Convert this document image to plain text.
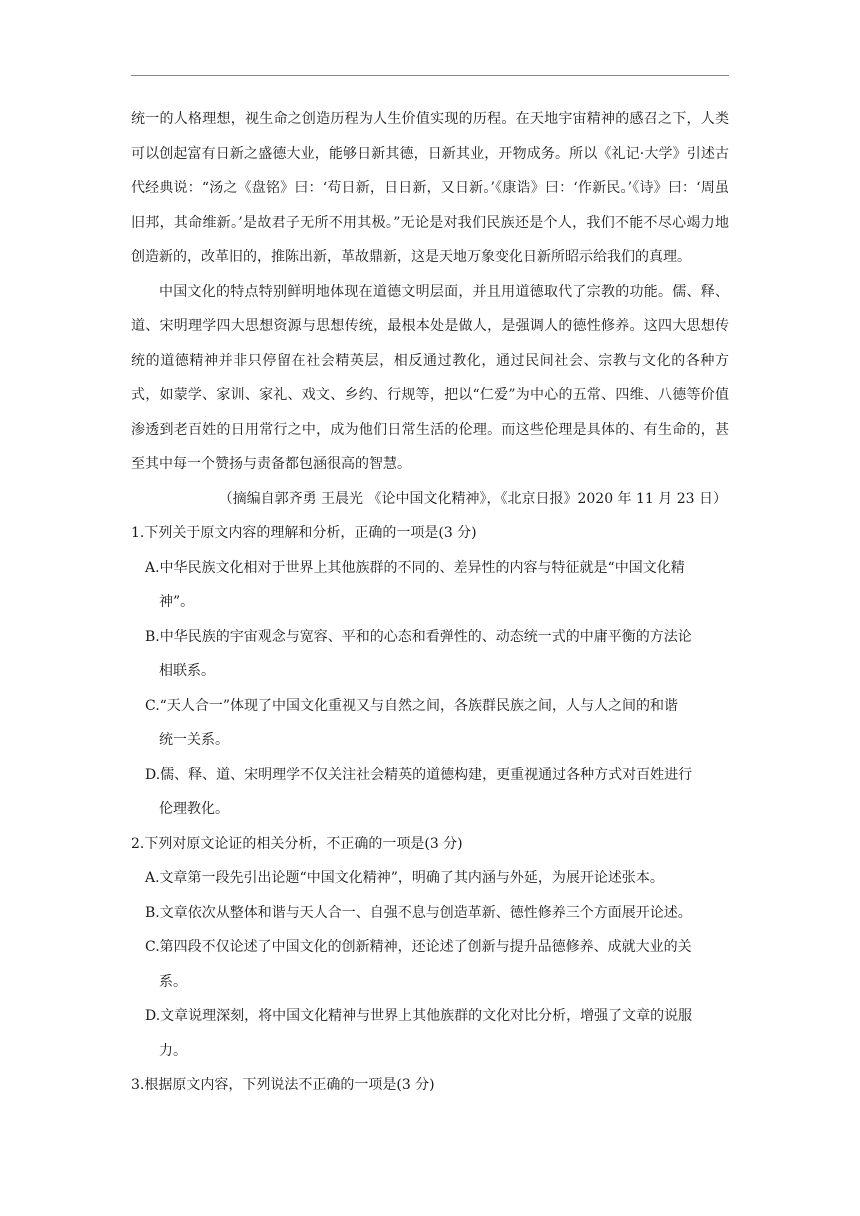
统一的人格理想，视生命之创造历程为人生价值实现的历程。在天地宇宙精神的感召之下，人类可以创起富有日新之盛德大业，能够日新其德，日新其业，开物成务。所以《礼记·大学》引述古代经典说：“汤之《盘铭》曰：‘苟日新，日日新，又日新。’《康诰》曰：‘作新民。’《诗》曰：‘周虽旧邦，其命维新。’是故君子无所不用其极。”无论是对我们民族还是个人，我们不能不尽心竭力地创造新的，改革旧的，推陈出新，革故鼎新，这是天地万象变化日新所昭示给我们的真理。

中国文化的特点特别鲜明地体现在道德文明层面，并且用道德取代了宗教的功能。儒、释、道、宋明理学四大思想资源与思想传统，最根本处是做人，是强调人的德性修养。这四大思想传统的道德精神并非只停留在社会精英层，相反通过教化，通过民间社会、宗教与文化的各种方式，如蒙学、家训、家礼、戏文、乡约、行规等，把以“仁爱”为中心的五常、四维、八德等价值渗透到老百姓的日用常行之中，成为他们日常生活的伦理。而这些伦理是具体的、有生命的，甚至其中每一个赞扬与责备都包涵很高的智慧。

（摘编自郭齐勇 王晨光 《论中国文化精神》，《北京日报》2020 年 11 月 23 日）

1.下列关于原文内容的理解和分析，正确的一项是(3 分)

A.中华民族文化相对于世界上其他族群的不同的、差异性的内容与特征就是“中国文化精
神”。

B.中华民族的宇宙观念与宽容、平和的心态和看弹性的、动态统一式的中庸平衡的方法论
相联系。

C.“天人合一”体现了中国文化重视又与自然之间，各族群民族之间，人与人之间的和谐
统一关系。

D.儒、释、道、宋明理学不仅关注社会精英的道德构建，更重视通过各种方式对百姓进行
伦理教化。

2.下列对原文论证的相关分析，不正确的一项是(3 分)

A.文章第一段先引出论题“中国文化精神”，明确了其内涵与外延，为展开论述张本。

B.文章依次从整体和谐与天人合一、自强不息与创造革新、德性修养三个方面展开论述。

C.第四段不仅论述了中国文化的创新精神，还论述了创新与提升品德修养、成就大业的关
系。

D.文章说理深刻，将中国文化精神与世界上其他族群的文化对比分析，增强了文章的说服
力。

3.根据原文内容，下列说法不正确的一项是(3 分)
